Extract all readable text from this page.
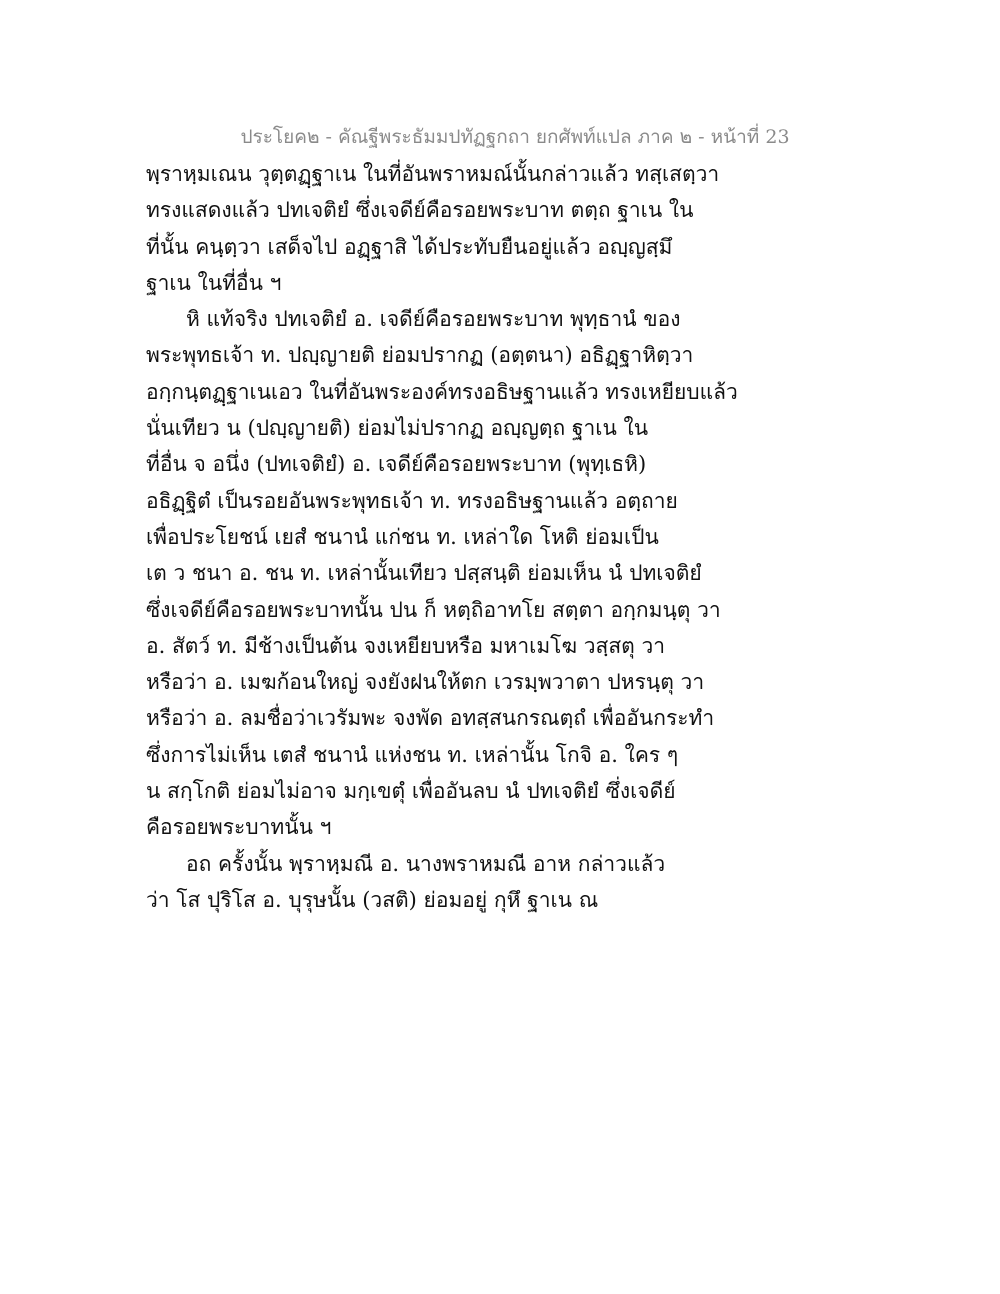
ประโยค๒ - คัณฐีพระธัมมปทัฏฐกถา ยกศัพท์แปล ภาค ๒ - หน้าที่ 23
พฺราหฺมเณน วุตฺตฏฺฐาเน ในที่อันพราหมณ์นั้นกล่าวแล้ว ทสฺเสตฺวา
ทรงแสดงแล้ว ปทเจติยํ ซึ่งเจดีย์คือรอยพระบาท ตตฺถ ฐาเน ใน
ที่นั้น คนฺตฺวา เสด็จไป อฏฺฐาสิ ได้ประทับยืนอยู่แล้ว อญฺญสฺมึ
ฐาเน ในที่อื่น ฯ
หิ แท้จริง ปทเจติยํ อ. เจดีย์คือรอยพระบาท พุทฺธานํ ของ
พระพุทธเจ้า ท. ปญฺญายติ ย่อมปรากฏ (อตฺตนา) อธิฏฺฐาหิตฺวา
อกฺกนฺตฏฺฐาเนเอว ในที่อันพระองค์ทรงอธิษฐานแล้ว ทรงเหยียบแล้ว
นั่นเทียว น (ปญฺญายติ) ย่อมไม่ปรากฏ อญฺญตฺถ ฐาเน ใน
ที่อื่น จ อนึ่ง (ปทเจติยํ) อ. เจดีย์คือรอยพระบาท (พุทฺเธหิ)
อธิฏฺฐิตํ เป็นรอยอันพระพุทธเจ้า ท. ทรงอธิษฐานแล้ว อตฺถาย
เพื่อประโยชน์ เยสํ ชนานํ แก่ชน ท. เหล่าใด โหติ ย่อมเป็น
เต ว ชนา อ. ชน ท. เหล่านั้นเทียว ปสฺสนฺติ ย่อมเห็น นํ ปทเจติยํ
ซึ่งเจดีย์คือรอยพระบาทนั้น ปน ก็ หตฺถิอาทโย สตฺตา อกฺกมนฺตุ วา
อ. สัตว์ ท. มีช้างเป็นต้น จงเหยียบหรือ มหาเมโฆ วสฺสตุ วา
หรือว่า อ. เมฆก้อนใหญ่ จงยังฝนให้ตก เวรมฺพวาตา ปหรนฺตุ วา
หรือว่า อ. ลมชื่อว่าเวรัมพะ จงพัด อทสฺสนกรณตฺถํ เพื่ออันกระทำ
ซึ่งการไม่เห็น เตสํ ชนานํ แห่งชน ท. เหล่านั้น โกจิ อ. ใคร ๆ
น สกฺโกติ ย่อมไม่อาจ มกฺเขตุํ เพื่ออันลบ นํ ปทเจติยํ ซึ่งเจดีย์
คือรอยพระบาทนั้น ฯ
อถ ครั้งนั้น พฺราหฺมณี อ. นางพราหมณี อาห กล่าวแล้ว
ว่า โส ปุริโส อ. บุรุษนั้น (วสติ) ย่อมอยู่ กุหึ ฐาเน ณ
